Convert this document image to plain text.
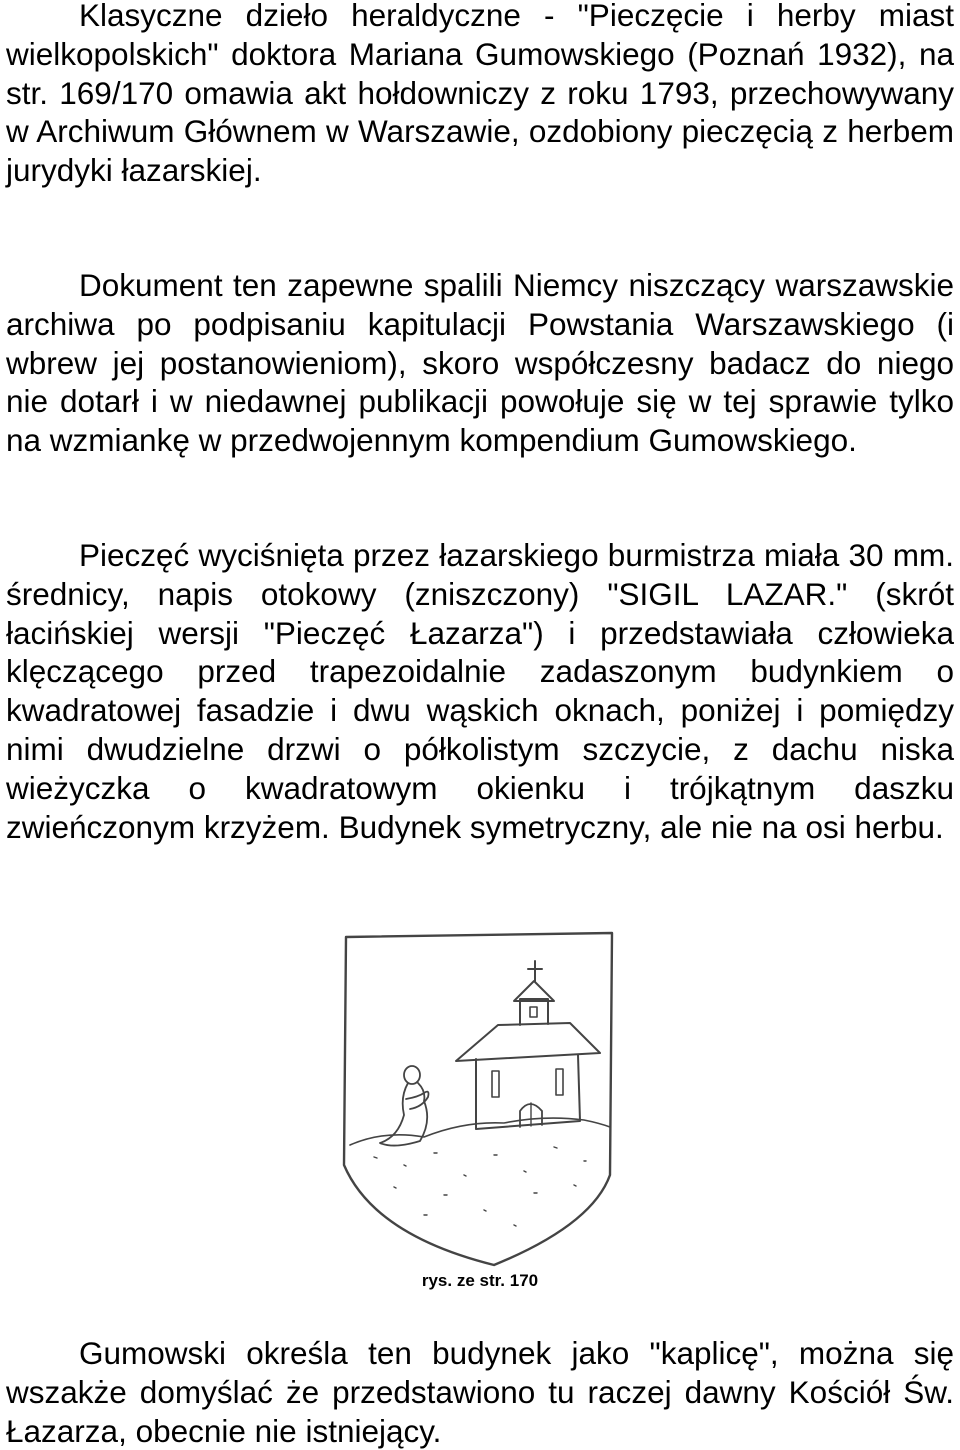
Klasyczne dzieło heraldyczne - "Pieczęcie i herby miast wielkopolskich" doktora Mariana Gumowskiego (Poznań 1932), na str. 169/170 omawia akt hołdowniczy z roku 1793, przechowywany w Archiwum Głównem w Warszawie, ozdobiony pieczęcią z herbem jurydyki łazarskiej.

Dokument ten zapewne spalili Niemcy niszczący warszawskie archiwa po podpisaniu kapitulacji Powstania Warszawskiego (i wbrew jej postanowieniom), skoro współczesny badacz do niego nie dotarł i w niedawnej publikacji powołuje się w tej sprawie tylko na wzmiankę w przedwojennym kompendium Gumowskiego.

Pieczęć wyciśnięta przez łazarskiego burmistrza miała 30 mm. średnicy, napis otokowy (zniszczony) "SIGIL LAZAR." (skrót łacińskiej wersji "Pieczęć Łazarza") i przedstawiała człowieka klęczącego przed trapezoidalnie zadaszonym budynkiem o kwadratowej fasadzie i dwu wąskich oknach, poniżej i pomiędzy nimi dwudzielne drzwi o półkolistym szczycie, z dachu niska wieżyczka o kwadratowym okienku i trójkątnym daszku zwieńczonym krzyżem. Budynek symetryczny, ale nie na osi herbu.

rys. ze str. 170

Gumowski określa ten budynek jako "kaplicę", można się wszakże domyślać że przedstawiono tu raczej dawny Kościół Św. Łazarza, obecnie nie istniejący.
